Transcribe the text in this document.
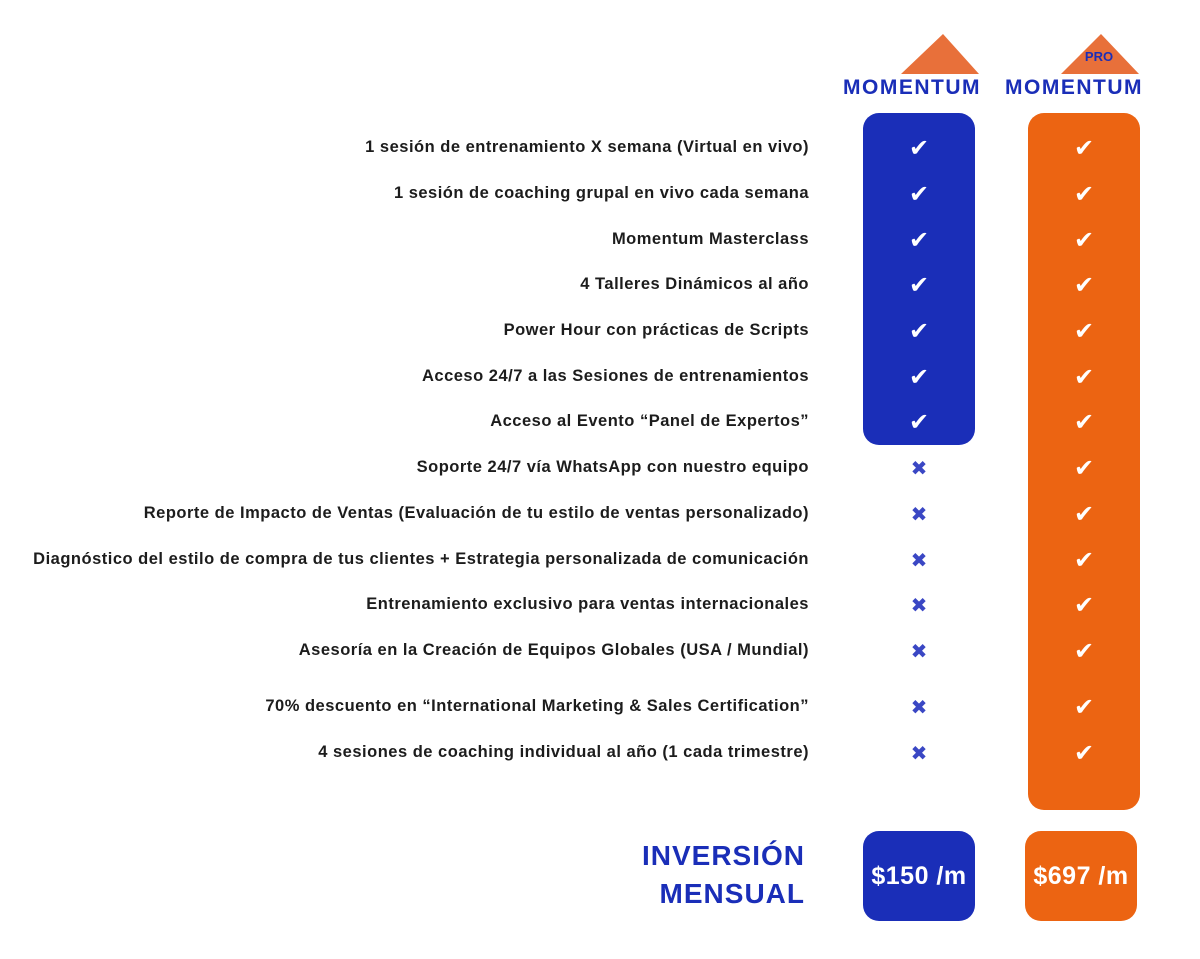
MOMENTUM
PRO
MOMENTUM
1 sesión de entrenamiento X semana (Virtual en vivo)	✔	✔
1 sesión de coaching grupal en vivo cada semana	✔	✔
Momentum Masterclass	✔	✔
4 Talleres Dinámicos al año	✔	✔
Power Hour con prácticas de Scripts	✔	✔
Acceso 24/7 a las Sesiones de entrenamientos	✔	✔
Acceso al Evento “Panel de Expertos”	✔	✔
Soporte 24/7 vía WhatsApp con nuestro equipo	✖	✔
Reporte de Impacto de Ventas (Evaluación de tu estilo de ventas personalizado)	✖	✔
Diagnóstico del estilo de compra de tus clientes + Estrategia personalizada de comunicación	✖	✔
Entrenamiento exclusivo para ventas internacionales	✖	✔
Asesoría en la Creación de Equipos Globales (USA / Mundial)	✖	✔
70% descuento en “International Marketing & Sales Certification”	✖	✔
4 sesiones de coaching individual al año (1 cada trimestre)	✖	✔
INVERSIÓN
MENSUAL
$150 /m	$697 /m
